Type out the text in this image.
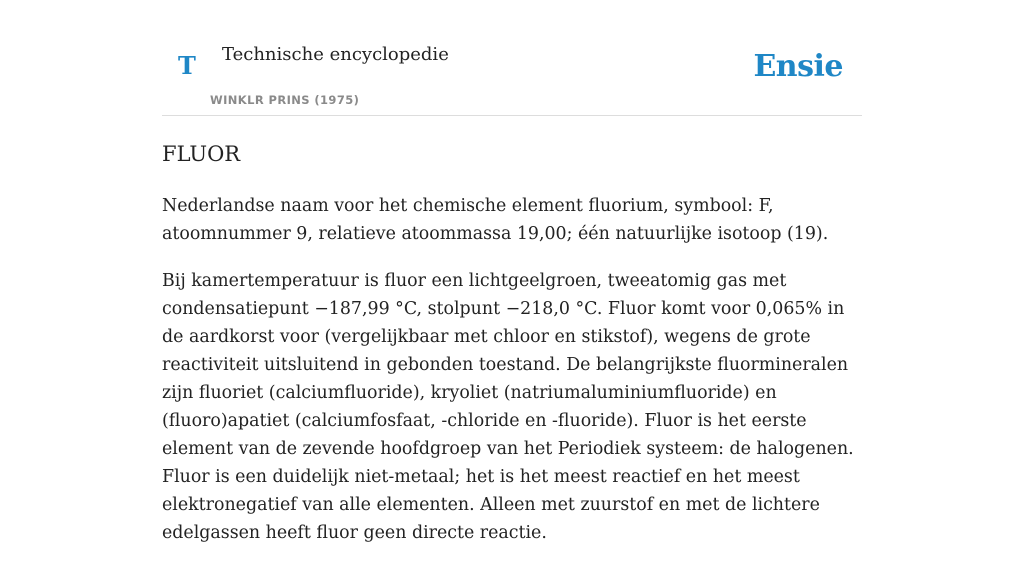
T Technische encyclopedie
WINKLR PRINS (1975)
Ensie
FLUOR

Nederlandse naam voor het chemische element fluorium, symbool: F, atoomnummer 9, relatieve atoommassa 19,00; één natuurlijke isotoop (19).

Bij kamertemperatuur is fluor een lichtgeelgroen, tweeatomig gas met condensatiepunt −187,99 °C, stolpunt −218,0 °C. Fluor komt voor 0,065% in de aardkorst voor (vergelijkbaar met chloor en stikstof), wegens de grote reactiviteit uitsluitend in gebonden toestand. De belangrijkste fluormineralen zijn fluoriet (calciumfluoride), kryoliet (natriumaluminiumfluoride) en (fluoro)apatiet (calciumfosfaat, -chloride en -fluoride). Fluor is het eerste element van de zevende hoofdgroep van het Periodiek systeem: de halogenen. Fluor is een duidelijk niet-metaal; het is het meest reactief en het meest elektronegatief van alle elementen. Alleen met zuurstof en met de lichtere edelgassen heeft fluor geen directe reactie.
